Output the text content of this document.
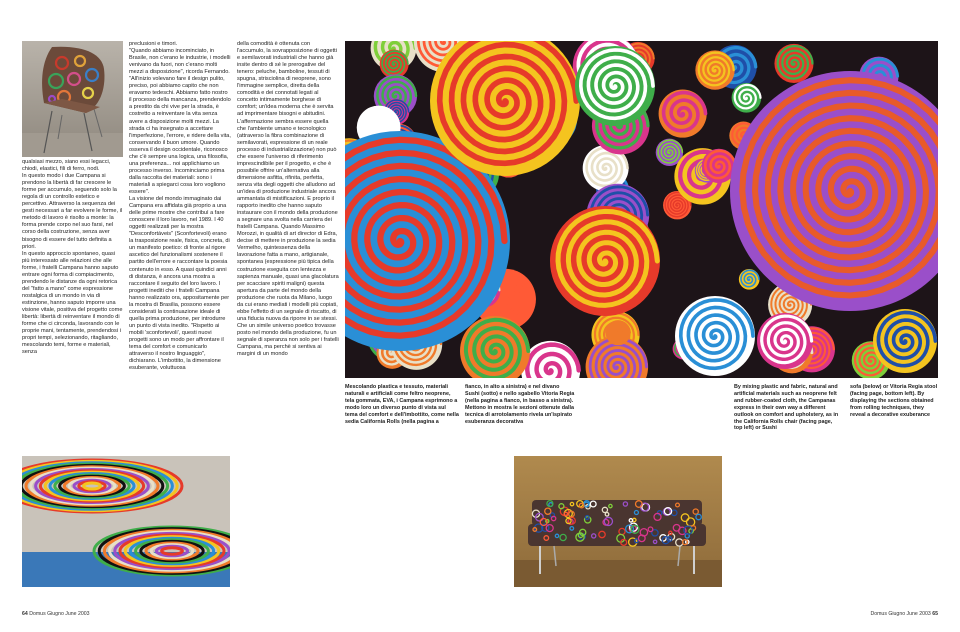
qualsiasi mezzo, siano essi legacci, chiodi, elastici, fili di ferro, nodi.
In questo modo i due Campana si prendono la libertà di far crescere le forme per accumulo, seguendo solo la regola di un controllo estetico e percettivo. Attraverso la sequenza dei gesti necessari a far evolvere le forme, il metodo di lavoro è risolto a monte: la forma prende corpo nel suo farsi, nel corso della costruzione, senza aver bisogno di essere del tutto definita a priori.
In questo approccio spontaneo, quasi più interessato alle relazioni che alle forme, i fratelli Campana hanno saputo entrare ogni forma di compiacimento, prendendo le distanze da ogni retorica del "fatto a mano" come espressione nostalgica di un mondo in via di estinzione, hanno saputo imporre una visione vitale, positiva del progetto come libertà: libertà di reinventare il mondo di forme che ci circonda, lavorando con le proprie mani, tentamente, prendendosi i propri tempi, selezionando, ritagliando, mescolando temi, forme e materiali, senza
preclusioni e timori.
"Quando abbiamo incominciato, in Brasile, non c'erano le industrie, i modelli venivano da fuori, non c'erano molti mezzi a disposizione", ricorda Fernando. "All'inizio volevano fare il design pulito, preciso, poi abbiamo capito che non eravamo tedeschi. Abbiamo fatto nostro il processo della mancanza, prendendolo a prestito da chi vive per la strada, è costretto a reinventare la vita senza avere a disposizione molti mezzi. La strada ci ha insegnato a accettare l'imperfezione, l'errore, e ridere della vita, conservando il buon umore. Quando osserva il design occidentale, riconosco che c'è sempre una logica, una filosofia, una preferenza... noi applichiamo un processo inverso. Incominciamo prima dalla raccolta dei materiali: sono i materiali a spiegarci cosa loro vogliono essere".
La visione del mondo immaginato dai Campana era affidata già proprio a una delle prime mostre che contribuì a fare conoscere il loro lavoro, nel 1989. I 40 oggetti realizzati per la mostra "Desconfortáveis" (Sconfortevoli) erano la trasposizione reale, fisica, concreta, di un manifesto poetico: di fronte al rigore ascetico del funzionalismi sostenere il partito dell'errore e raccontare la poesia contenuto in esso. A quasi quindici anni di distanza, è ancora una mostra a raccontare il seguito del loro lavoro. I progetti inediti che i fratelli Campana hanno realizzato ora, appositamente per la mostra di Brasilia, possono essere considerati la continuazione ideale di quella prima produzione, per introdurre un punto di vista inedito. "Rispetto ai mobili 'sconfortevoli', questi nuovi progetti sono un modo per affrontare il tema del comfort e comunicarlo attraverso il nostro linguaggio", dichiarano. L'imbottito, la dimensione esuberante, voluttuosa
della comodità è ottenuta con l'accumulo, la sovrapposizione di oggetti e semilavorati industriali che hanno già insite dentro di sé le prerogative del tenero: peluche, bamboline, tessuti di spugna, strisciolina di neoprene, sono l'immagine semplice, diretta della comodità e dei connotati legati al concetto intimamente borghese di comfort; un'idea moderna che è servita ad imprimentare bisogni e abitudini. L'affermazione sembra essere quella che l'ambiente umano e tecnologico (attraverso la fibra combinazione di semilavorati, espressione di un reale processo di industrializzazione) non può che essere l'universo di riferimento imprescindibile per il progetto, e che è possibile offrire un'alternativa alla dimensione asfitta, rifinita, perfetta, senza vita degli oggetti che alludono ad un'idea di produzione industriale ancora ammantata di mistificazioni. E proprio il rapporto inedito che hanno saputo instaurare con il mondo della produzione a segnare una svolta nella carriera dei fratelli Campana. Quando Massimo Morozzi, in qualità di art director di Edra, decise di mettere in produzione la sedia Vermelho, quintessenza della lavorazione fatta a mano, artigianale, spontanea (espressione più tipica della costruzione eseguita con lentezza e sapienza manuale, quasi una glacolatura per scacciare spiriti maligni) questa apertura da parte del mondo della produzione che ruota da Milano, luogo da cui erano mediati i modelli più copiati, ebbe l'effetto di un segnale di riscatto, di una fiducia nuova da riporre in se stessi. Che un simile universo poetico trovasse posto nel mondo della produzione, fu un segnale di speranza non solo per i fratelli Campana, ma perchè si sentiva ai margini di un mondo
Mescolando plastica e tessuto, materiali naturali e artificiali come feltro neoprene, tela gommata, EVA, i Campana esprimono a modo loro un diverso punto di vista sul tema del comfort e dell'imbottito, come nella sedia California Rolls (nella pagina a
fianco, in alto a sinistra) e nel divano Sushi (sotto) e nello sgabello Vitoria Regia (nella pagina a fianco, in basso a sinistra). Mettono in mostra le sezioni ottenute dalla tecnica di arrotolamento rivela un'ispirato esuberanza decorativa
By mixing plastic and fabric, natural and artificial materials such as neoprene felt and rubber-coated cloth, the Campanas express in their own way a different outlook on comfort and upholstery, as in the California Rolls chair (facing page, top left) or Sushi
sofa (below) or Vitoria Regia stool (facing page, bottom left). By displaying the sections obtained from rolling techniques, they reveal a decorative exuberance
64 Domus Giugno June 2003	Domus Giugno June 2003 65
